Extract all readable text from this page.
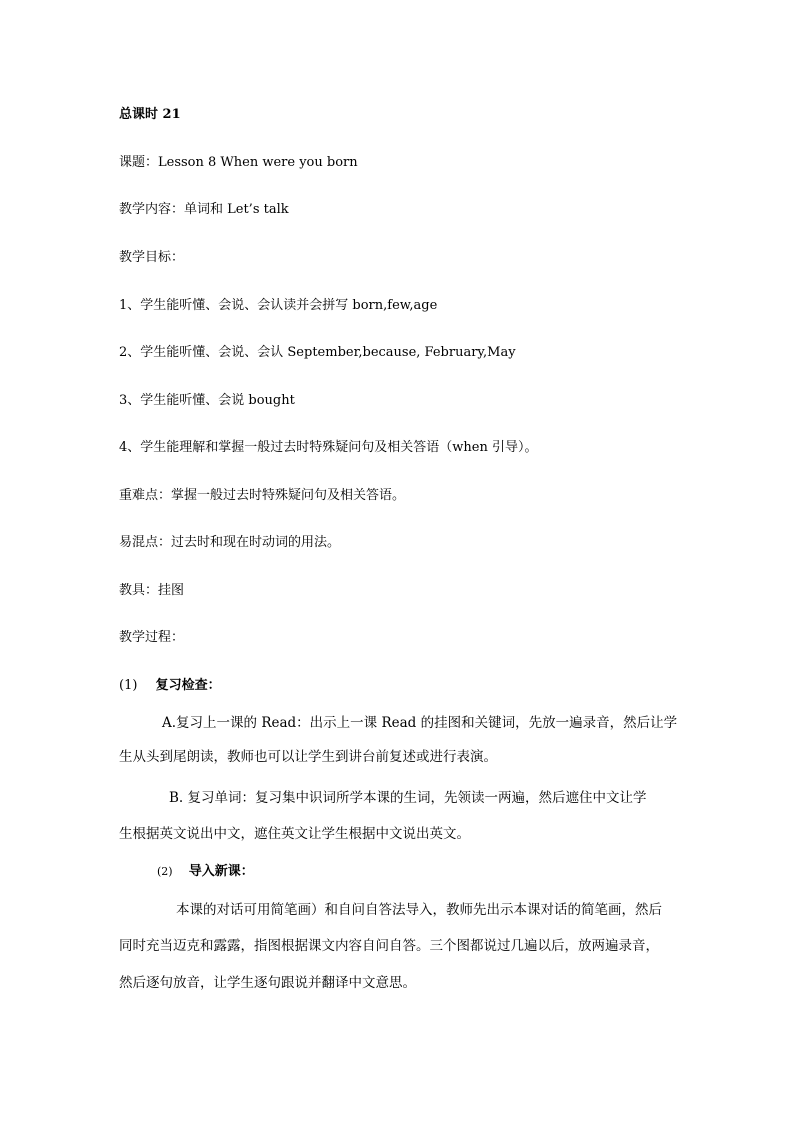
总课时 21
课题：Lesson 8 When were you born
教学内容：单词和 Let’s talk
教学目标：
1、学生能听懂、会说、会认读并会拼写 born,few,age
2、学生能听懂、会说、会认 September,because, February,May
3、学生能听懂、会说 bought
4、学生能理解和掌握一般过去时特殊疑问句及相关答语（when 引导）。
重难点：掌握一般过去时特殊疑问句及相关答语。
易混点：过去时和现在时动词的用法。
教具：挂图
教学过程：
(1) 复习检查：
A.复习上一课的 Read：出示上一课 Read 的挂图和关键词，先放一遍录音，然后让学
生从头到尾朗读，教师也可以让学生到讲台前复述或进行表演。
B. 复习单词：复习集中识词所学本课的生词，先领读一两遍，然后遮住中文让学
生根据英文说出中文，遮住英文让学生根据中文说出英文。
(2) 导入新课：
本课的对话可用简笔画）和自问自答法导入，教师先出示本课对话的简笔画，然后
同时充当迈克和露露，指图根据课文内容自问自答。三个图都说过几遍以后，放两遍录音，
然后逐句放音，让学生逐句跟说并翻译中文意思。
